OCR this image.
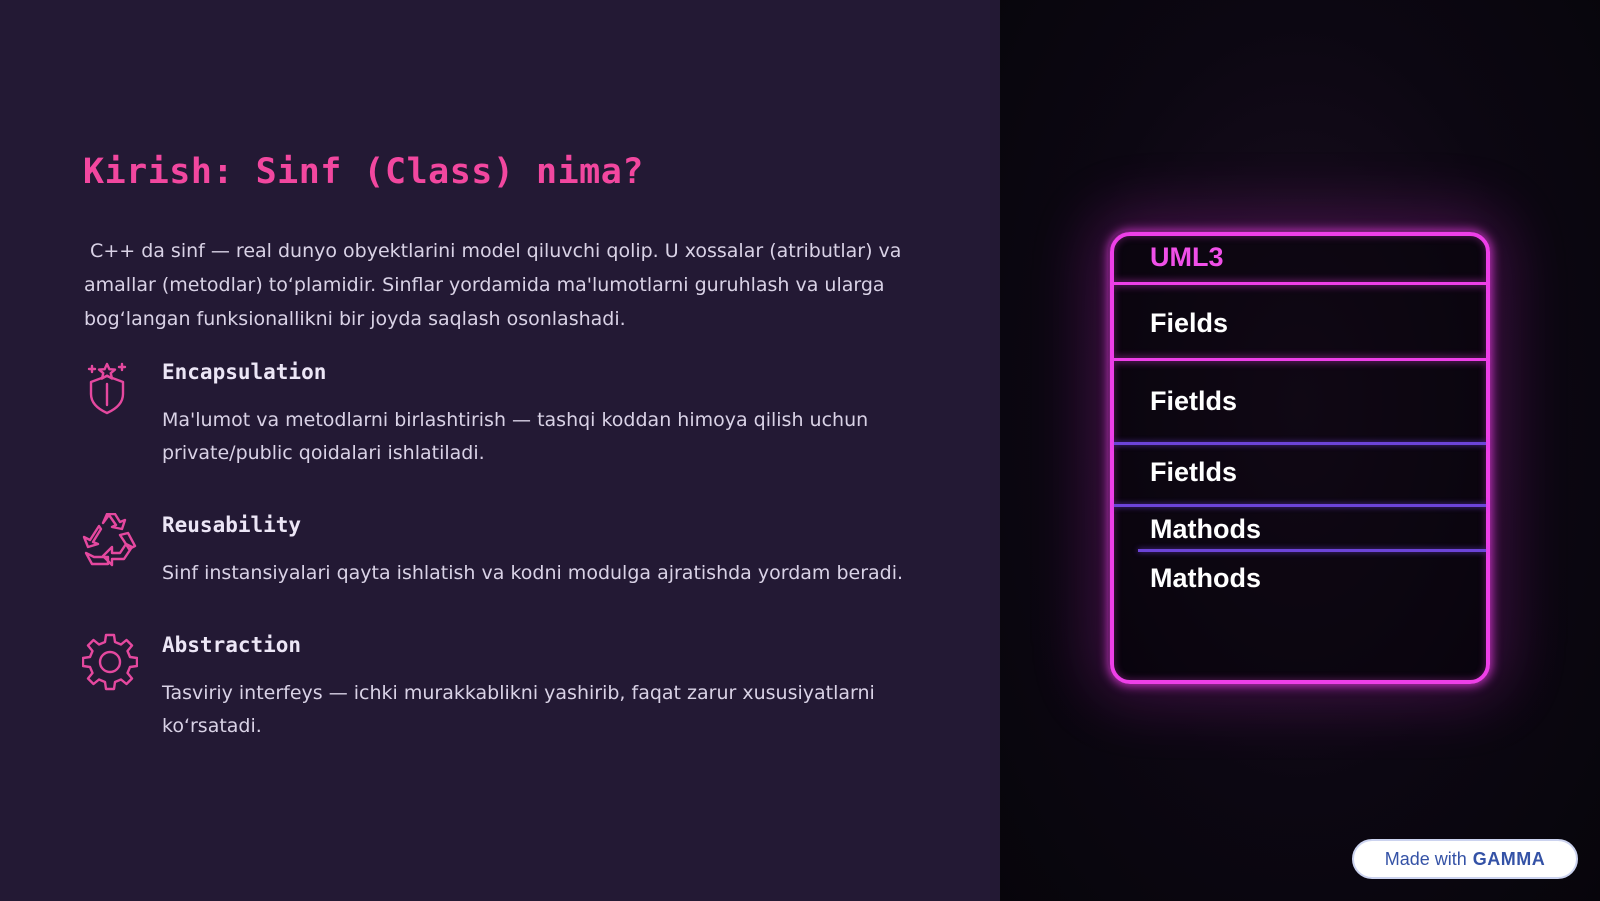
Kirish: Sinf (Class) nima?

C++ da sinf — real dunyo obyektlarini model qiluvchi qolip. U xossalar (atributlar) va amallar (metodlar) to‘plamidir. Sinflar yordamida ma'lumotlarni guruhlash va ularga bog‘langan funksionallikni bir joyda saqlash osonlashadi.

Encapsulation

Ma'lumot va metodlarni birlashtirish — tashqi koddan himoya qilish uchun private/public qoidalari ishlatiladi.

Reusability

Sinf instansiyalari qayta ishlatish va kodni modulga ajratishda yordam beradi.

Abstraction

Tasviriy interfeys — ichki murakkablikni yashirib, faqat zarur xususiyatlarni ko‘rsatadi.

UML3

Fields

Fietlds

Fietlds

Mathods

Mathods

Made with GAMMA
